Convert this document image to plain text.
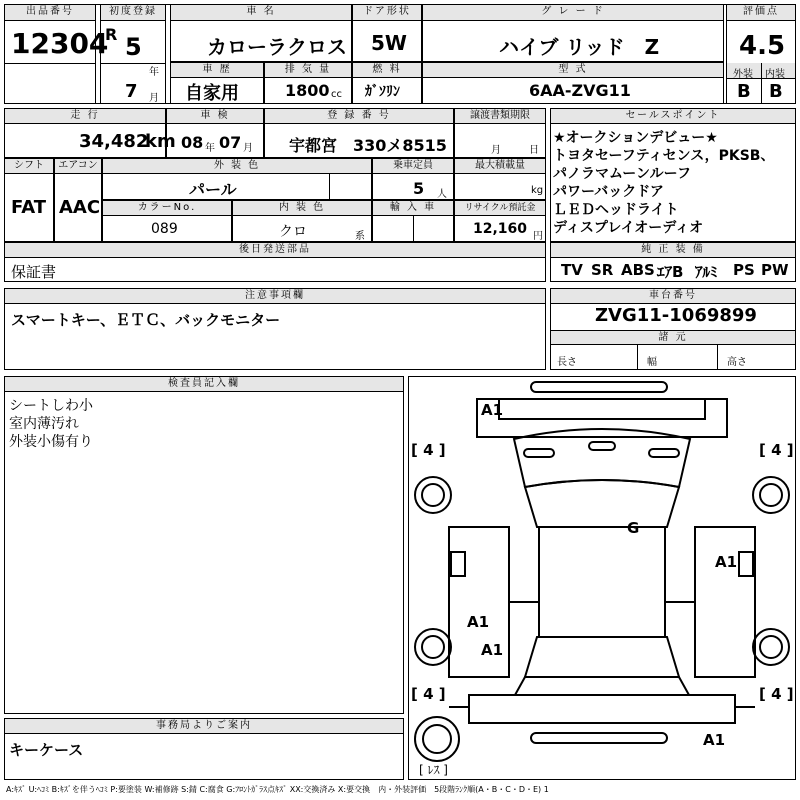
出品番号
12304
初度登録
R 5
年
7 月
車 名
カローラクロス
ドア形状
5W
グ レ ー ド
ハイブ リッド　Z
評価点
4.5
外装 内装
B B
車 歴
自家用
排 気 量
1800 cc
燃 料
ｶﾞｿﾘﾝ
型 式
6AA-ZVG11
走 行
34,482
km
車 検
08 年 07 月
登 録 番 号
宇都宮　330メ8515
譲渡書類期限
月	日
シフト
FAT
エアコン
AAC
外 装 色
パール
乗車定員
5 人
最大積載量
kg
カラーNo.
089
内 装 色
クロ	系
輸 入 車	リサイクル預託金
12,160 円
後日発送部品
保証書
セールスポイント
★オークションデビュー★
トヨタセーフティセンス，PKSB、
パノラマムーンルーフ
パワーバックドア
ＬＥＤヘッドライト
ディスプレイオーディオ
純 正 装 備
TV SR ABS ｴｱB ｱﾙﾐ PS PW
注意事項欄
スマートキー、ＥＴＣ、バックモニター
車台番号
ZVG11-1069899
諸 元
長さ	幅	高さ
検査員記入欄
シートしわ小
室内薄汚れ
外装小傷有り
事務局よりご案内
キーケース
A1
[ 4 ]	[ 4 ]
G
A1
A1
A1
[ 4 ]	[ 4 ]
A1
[ ﾚｽ ]
A:ｷｽﾞ U:ﾍｺﾐ B:ｷｽﾞを伴うﾍｺﾐ P:要塗装 W:補修跡 S:錆 C:腐食 G:ﾌﾛﾝﾄｶﾞﾗｽ点ｷｽﾞ XX:交換済み X:要交換　内・外装評価　5段階ﾗﾝｸ順(A・B・C・D・E) 1
